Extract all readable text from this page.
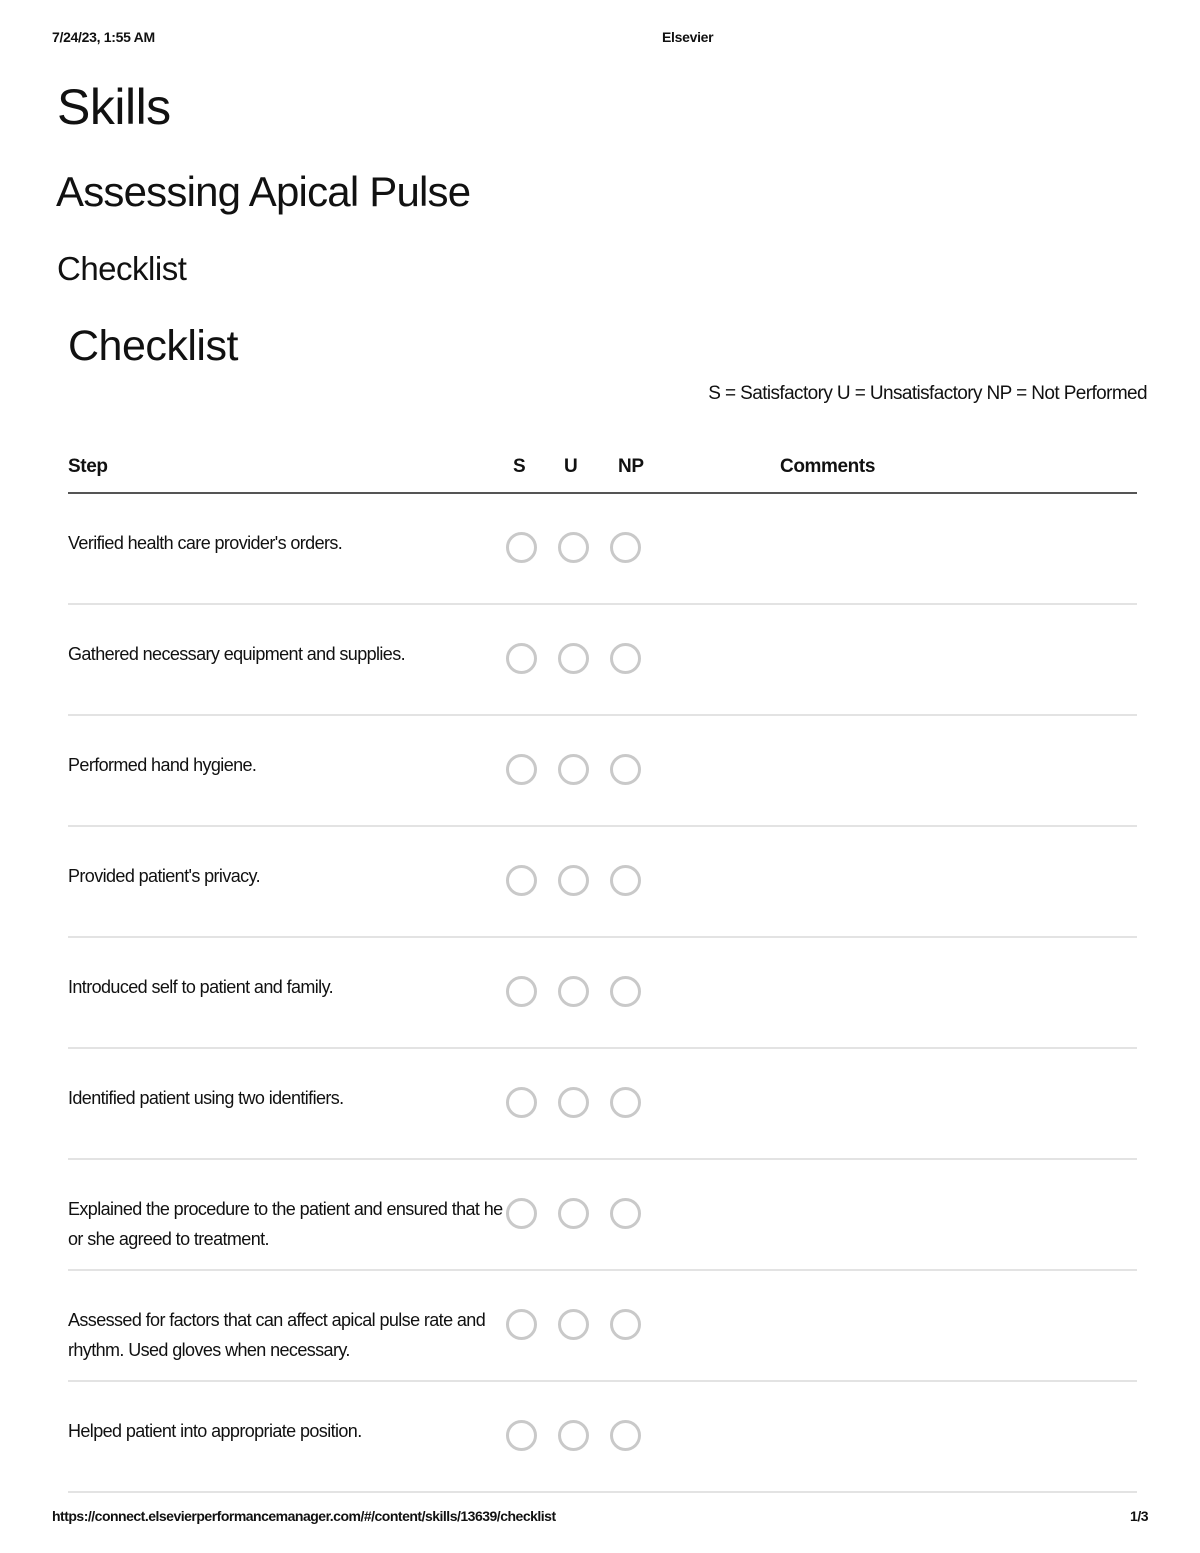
7/24/23, 1:55 AM	Elsevier
Skills
Assessing Apical Pulse
Checklist
Checklist
S = Satisfactory U = Unsatisfactory NP = Not Performed
Step	S U NP	Comments
Verified health care provider's orders.
Gathered necessary equipment and supplies.
Performed hand hygiene.
Provided patient's privacy.
Introduced self to patient and family.
Identified patient using two identifiers.
Explained the procedure to the patient and ensured that he or she agreed to treatment.
Assessed for factors that can affect apical pulse rate and rhythm. Used gloves when necessary.
Helped patient into appropriate position.
https://connect.elsevierperformancemanager.com/#/content/skills/13639/checklist	1/3
